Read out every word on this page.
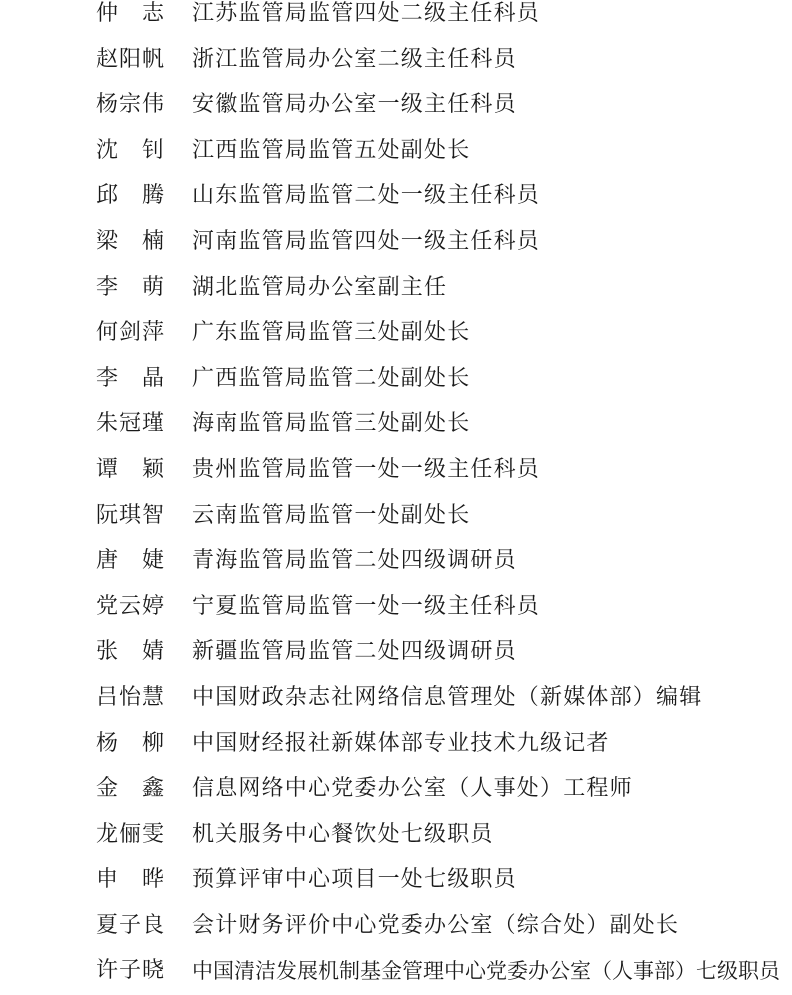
仲　志	江苏监管局监管四处二级主任科员
赵阳帆	浙江监管局办公室二级主任科员
杨宗伟	安徽监管局办公室一级主任科员
沈　钊	江西监管局监管五处副处长
邱　腾	山东监管局监管二处一级主任科员
梁　楠	河南监管局监管四处一级主任科员
李　萌	湖北监管局办公室副主任
何剑萍	广东监管局监管三处副处长
李　晶	广西监管局监管二处副处长
朱冠瑾	海南监管局监管三处副处长
谭　颖	贵州监管局监管一处一级主任科员
阮琪智	云南监管局监管一处副处长
唐　婕	青海监管局监管二处四级调研员
党云婷	宁夏监管局监管一处一级主任科员
张　婧	新疆监管局监管二处四级调研员
吕怡慧	中国财政杂志社网络信息管理处（新媒体部）编辑
杨　柳	中国财经报社新媒体部专业技术九级记者
金　鑫	信息网络中心党委办公室（人事处）工程师
龙俪雯	机关服务中心餐饮处七级职员
申　晔	预算评审中心项目一处七级职员
夏子良	会计财务评价中心党委办公室（综合处）副处长
许子晓	中国清洁发展机制基金管理中心党委办公室（人事部）七级职员
